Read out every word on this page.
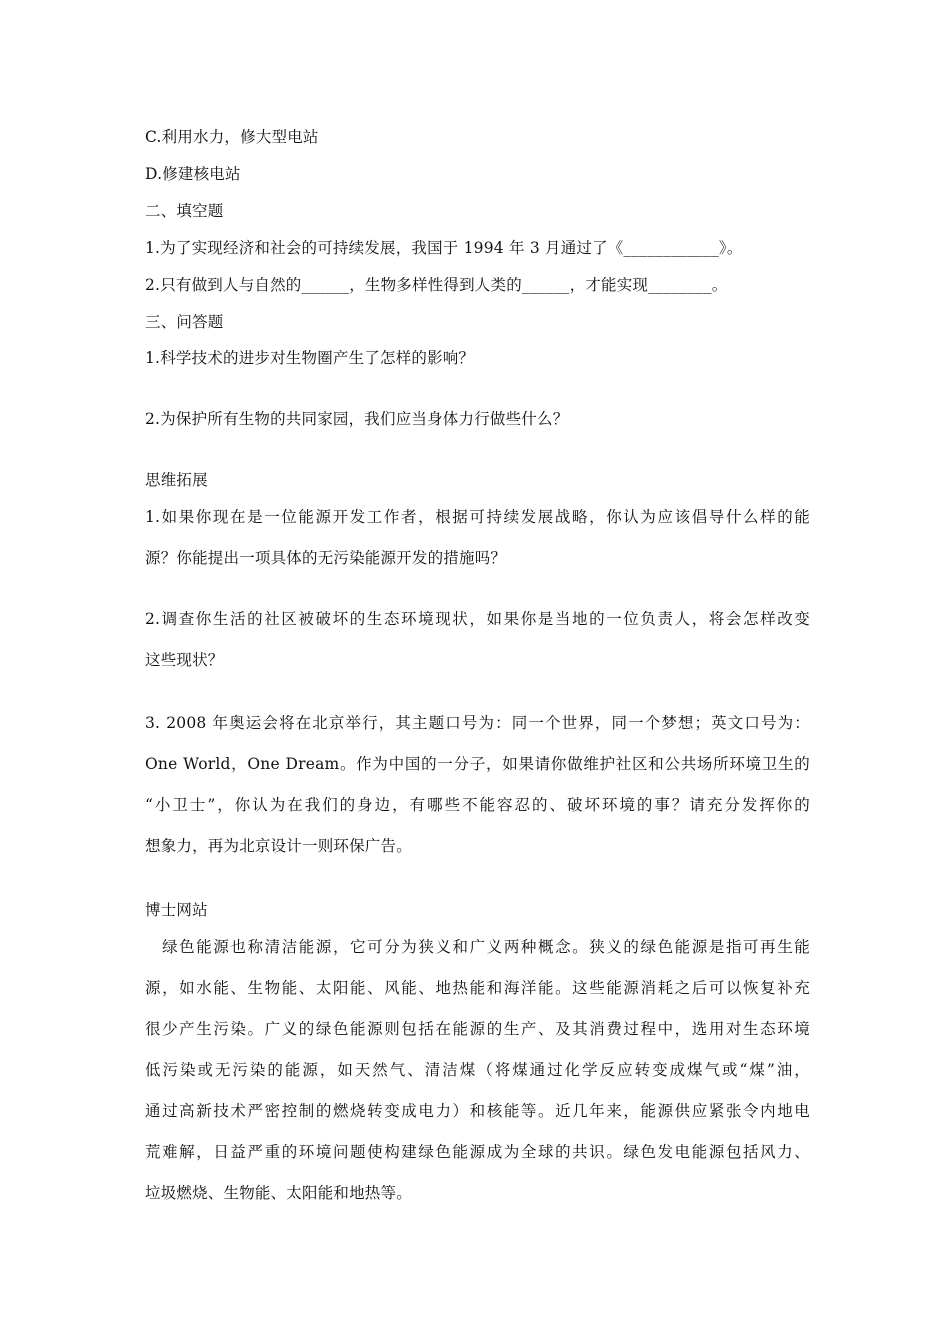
C.利用水力，修大型电站
D.修建核电站
二、填空题
1.为了实现经济和社会的可持续发展，我国于 1994 年 3 月通过了《____________》。
2.只有做到人与自然的______，生物多样性得到人类的______，才能实现________。
三、问答题
1.科学技术的进步对生物圈产生了怎样的影响？
2.为保护所有生物的共同家园，我们应当身体力行做些什么？
思维拓展
1.如果你现在是一位能源开发工作者，根据可持续发展战略，你认为应该倡导什么样的能
源？你能提出一项具体的无污染能源开发的措施吗？
2.调查你生活的社区被破坏的生态环境现状，如果你是当地的一位负责人，将会怎样改变
这些现状？
3. 2008 年奥运会将在北京举行，其主题口号为：同一个世界，同一个梦想；英文口号为：
One World，One Dream。作为中国的一分子，如果请你做维护社区和公共场所环境卫生的
“小卫士”，你认为在我们的身边，有哪些不能容忍的、破坏环境的事？请充分发挥你的
想象力，再为北京设计一则环保广告。
博士网站
　绿色能源也称清洁能源，它可分为狭义和广义两种概念。狭义的绿色能源是指可再生能
源，如水能、生物能、太阳能、风能、地热能和海洋能。这些能源消耗之后可以恢复补充
很少产生污染。广义的绿色能源则包括在能源的生产、及其消费过程中，选用对生态环境
低污染或无污染的能源，如天然气、清洁煤（将煤通过化学反应转变成煤气或“煤”油，
通过高新技术严密控制的燃烧转变成电力）和核能等。近几年来，能源供应紧张令内地电
荒难解，日益严重的环境问题使构建绿色能源成为全球的共识。绿色发电能源包括风力、
垃圾燃烧、生物能、太阳能和地热等。
